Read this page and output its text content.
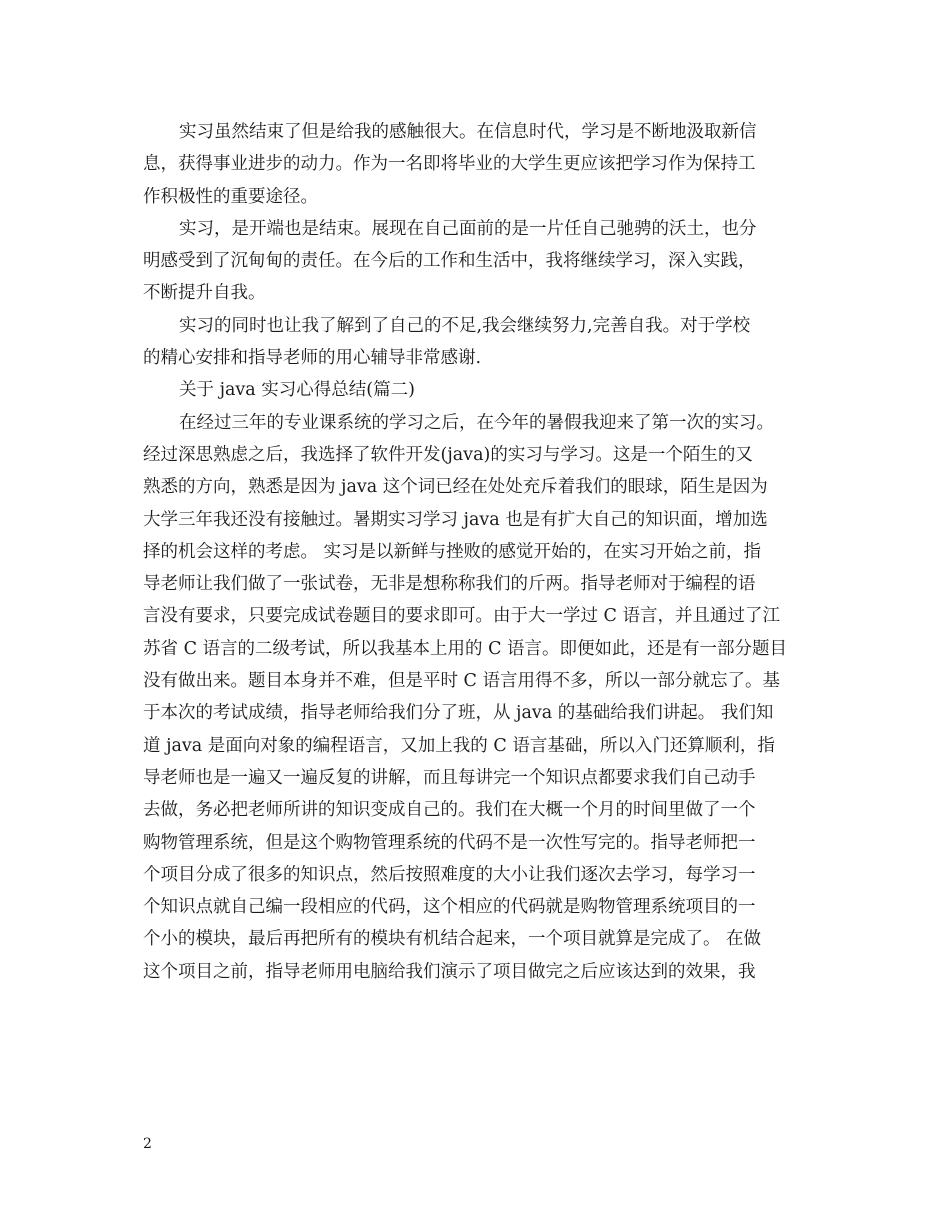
实习虽然结束了但是给我的感触很大。在信息时代，学习是不断地汲取新信
息，获得事业进步的动力。作为一名即将毕业的大学生更应该把学习作为保持工
作积极性的重要途径。
实习，是开端也是结束。展现在自己面前的是一片任自己驰骋的沃土，也分
明感受到了沉甸甸的责任。在今后的工作和生活中，我将继续学习，深入实践，
不断提升自我。
实习的同时也让我了解到了自己的不足,我会继续努力,完善自我。对于学校
的精心安排和指导老师的用心辅导非常感谢.
关于 java 实习心得总结(篇二)
在经过三年的专业课系统的学习之后，在今年的暑假我迎来了第一次的实习。
经过深思熟虑之后，我选择了软件开发(java)的实习与学习。这是一个陌生的又
熟悉的方向，熟悉是因为 java 这个词已经在处处充斥着我们的眼球，陌生是因为
大学三年我还没有接触过。暑期实习学习 java 也是有扩大自己的知识面，增加选
择的机会这样的考虑。 实习是以新鲜与挫败的感觉开始的，在实习开始之前，指
导老师让我们做了一张试卷，无非是想称称我们的斤两。指导老师对于编程的语
言没有要求，只要完成试卷题目的要求即可。由于大一学过 C 语言，并且通过了江
苏省 C 语言的二级考试，所以我基本上用的 C 语言。即便如此，还是有一部分题目
没有做出来。题目本身并不难，但是平时 C 语言用得不多，所以一部分就忘了。基
于本次的考试成绩，指导老师给我们分了班，从 java 的基础给我们讲起。 我们知
道 java 是面向对象的编程语言，又加上我的 C 语言基础，所以入门还算顺利，指
导老师也是一遍又一遍反复的讲解，而且每讲完一个知识点都要求我们自己动手
去做，务必把老师所讲的知识变成自己的。我们在大概一个月的时间里做了一个
购物管理系统，但是这个购物管理系统的代码不是一次性写完的。指导老师把一
个项目分成了很多的知识点，然后按照难度的大小让我们逐次去学习，每学习一
个知识点就自己编一段相应的代码，这个相应的代码就是购物管理系统项目的一
个小的模块，最后再把所有的模块有机结合起来，一个项目就算是完成了。 在做
这个项目之前，指导老师用电脑给我们演示了项目做完之后应该达到的效果，我
2
